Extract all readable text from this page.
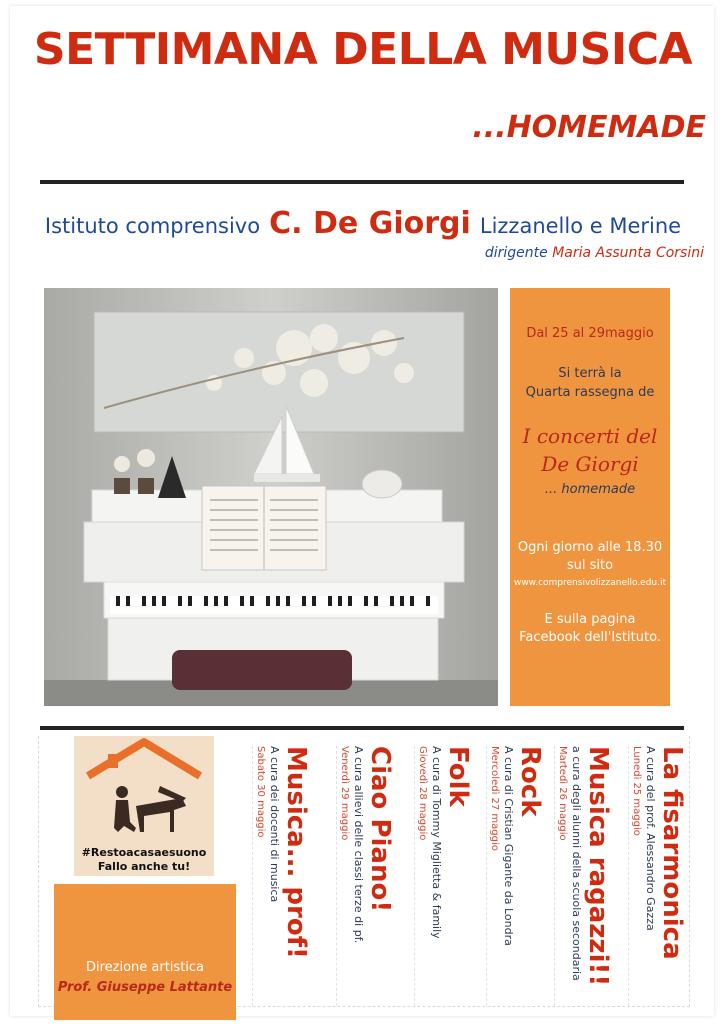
SETTIMANA DELLA MUSICA
...HOMEMADE
Istituto comprensivo C. De Giorgi Lizzanello e Merine
dirigente Maria Assunta Corsini
Dal 25 al 29maggio
Si terrà la
Quarta rassegna de
I concerti del
De Giorgi
... homemade
Ogni giorno alle 18.30
sul sito
www.comprensivolizzanello.edu.it
E sulla pagina
Facebook dell'Istituto.
#Restoacasaesuono
Fallo anche tu!
Direzione artistica
Prof. Giuseppe Lattante
La fisarmonica
A cura del prof. Alessandro Gazza
Lunedì 25 maggio
Musica ragazzi!!
a cura degli alunni della scuola secondaria
Martedì 26 maggio
Rock
A cura di Cristian Gigante da Londra
Mercoledì 27 maggio
Folk
A cura di Tommy Miglietta & family
Giovedì 28 maggio
Ciao Piano!
A cura allievi delle classi terze di pf.
Venerdì 29 maggio
Musica... prof!
A cura dei docenti di musica
Sabato 30 maggio
